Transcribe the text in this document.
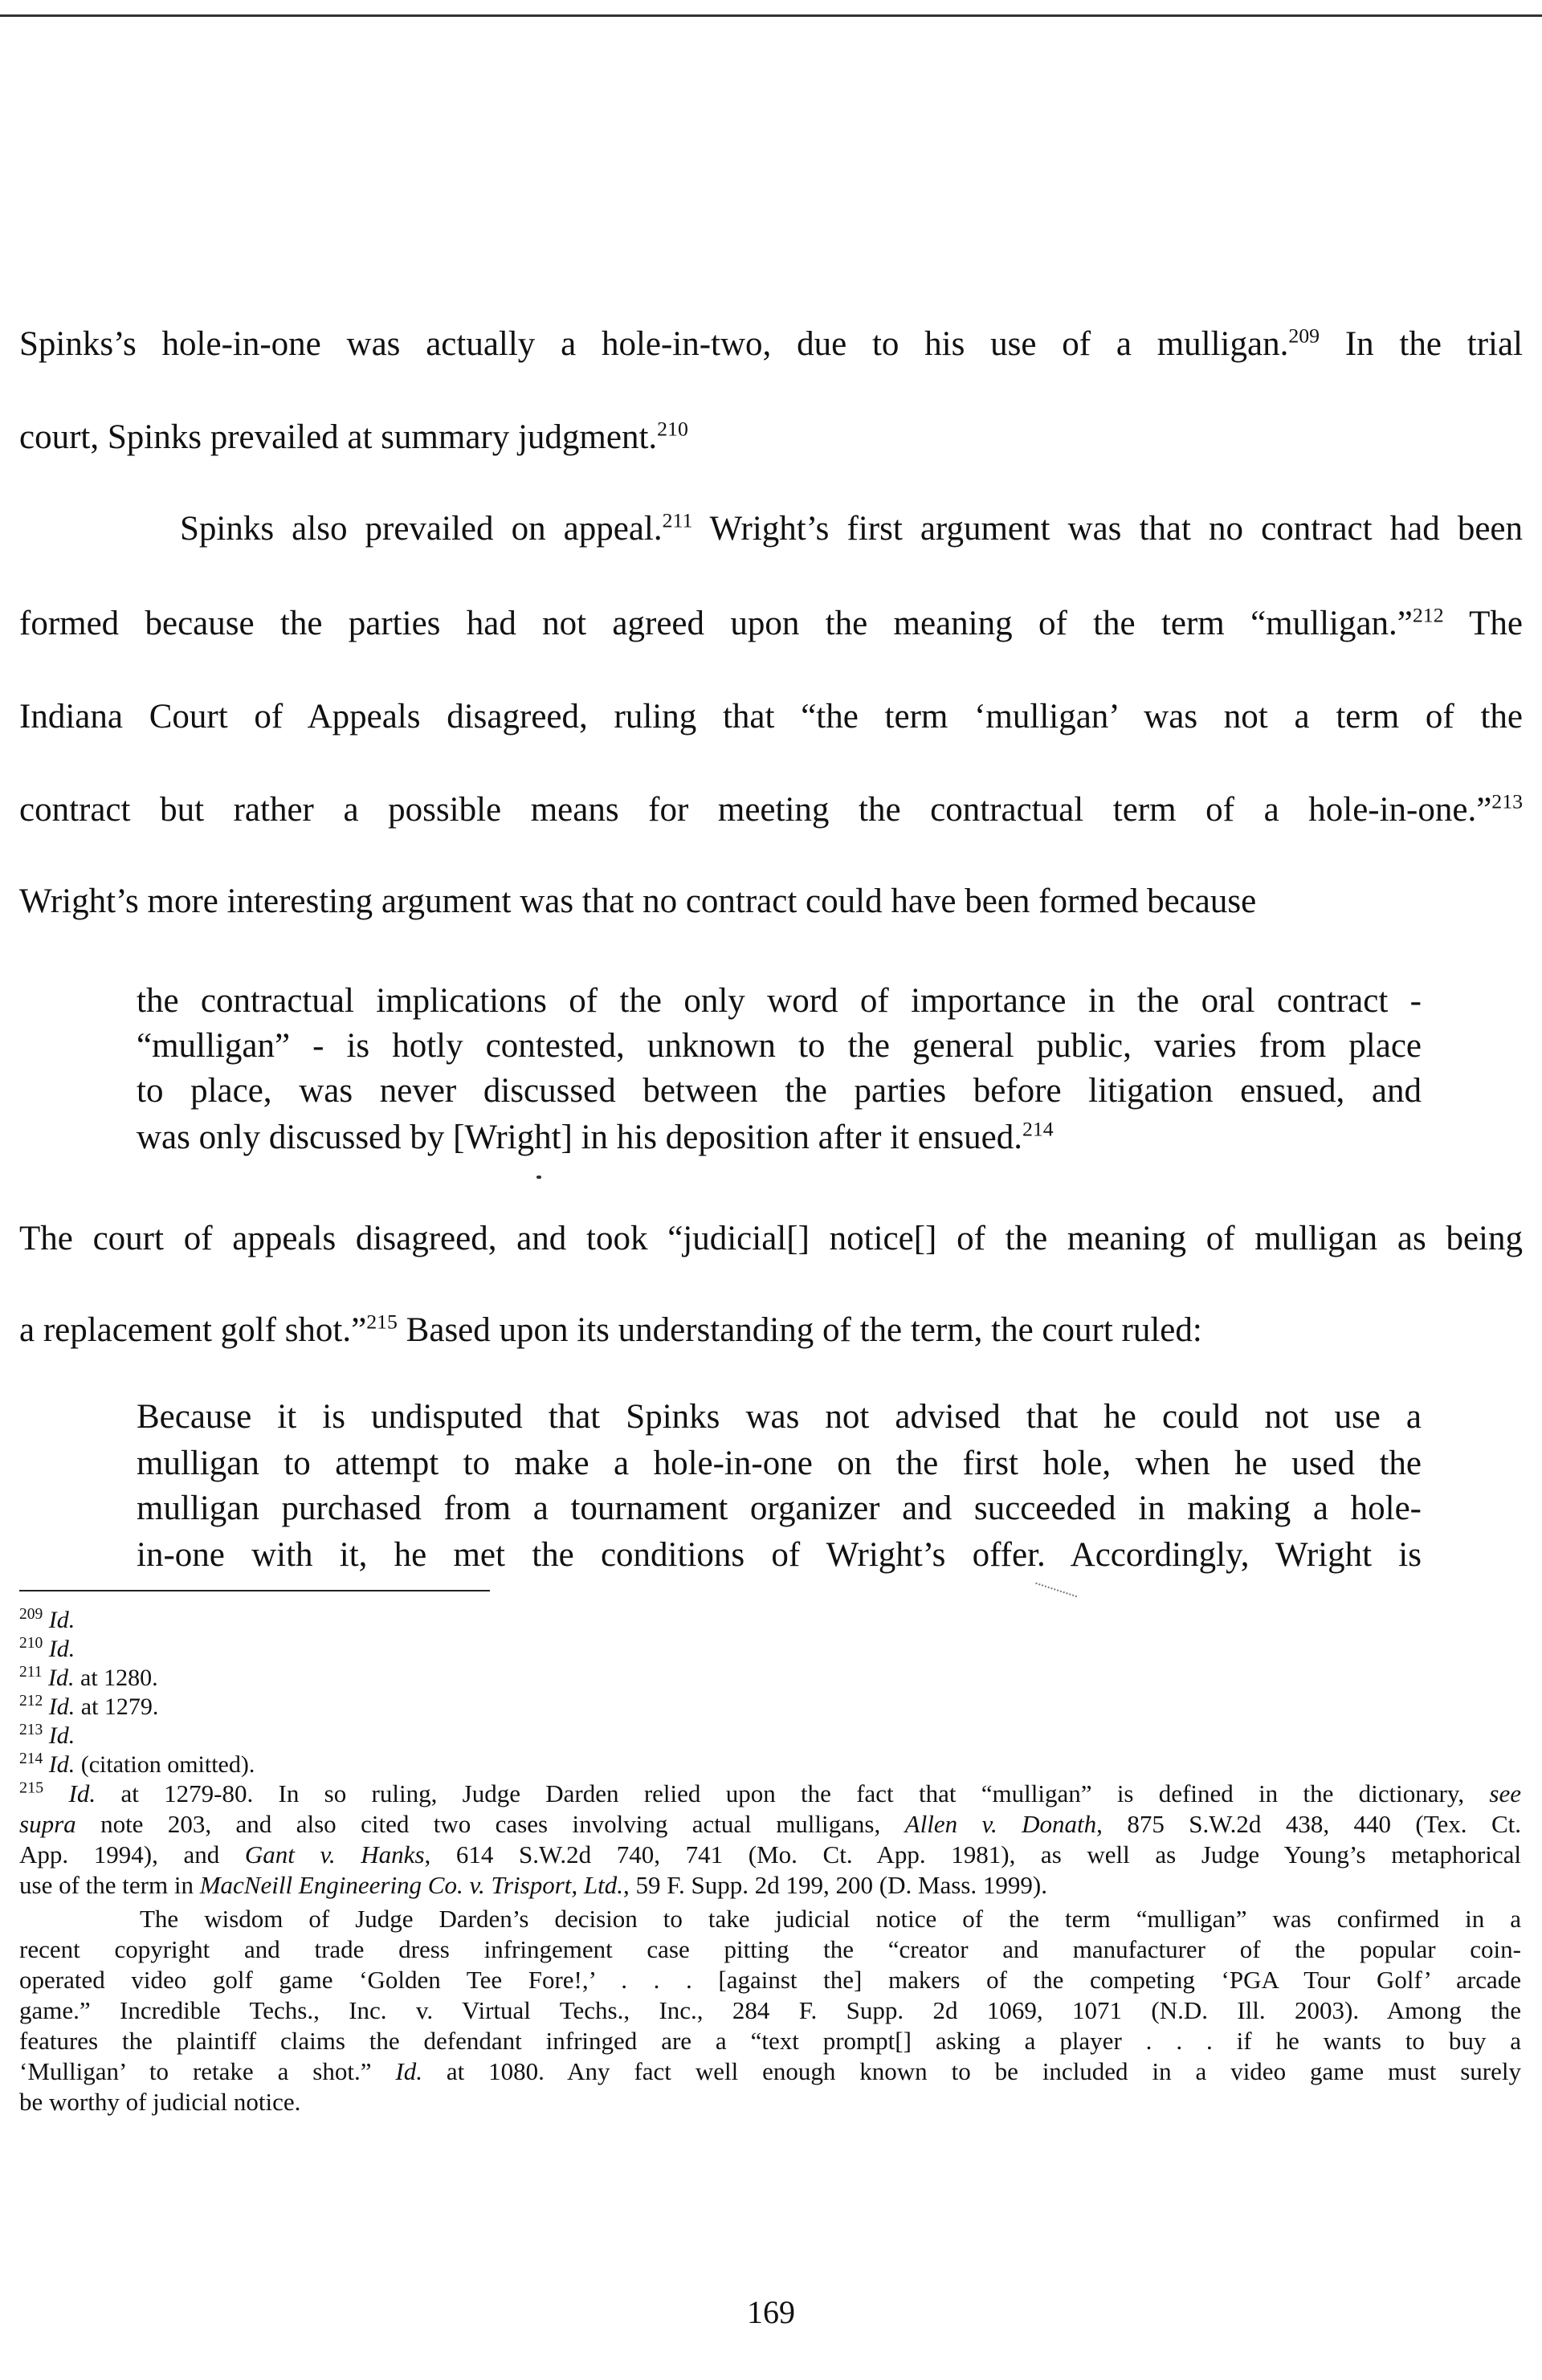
Spinks’s hole-in-one was actually a hole-in-two, due to his use of a mulligan.$^{209}$ In the trial
court, Spinks prevailed at summary judgment.$^{210}$
Spinks also prevailed on appeal.$^{211}$ Wright’s first argument was that no contract had been
formed because the parties had not agreed upon the meaning of the term “mulligan.”$^{212}$ The
Indiana Court of Appeals disagreed, ruling that “the term ‘mulligan’ was not a term of the
contract but rather a possible means for meeting the contractual term of a hole-in-one.”$^{213}$
Wright’s more interesting argument was that no contract could have been formed because
the contractual implications of the only word of importance in the oral contract -
“mulligan” - is hotly contested, unknown to the general public, varies from place
to place, was never discussed between the parties before litigation ensued, and
was only discussed by [Wright] in his deposition after it ensued.$^{214}$
The court of appeals disagreed, and took “judicial[] notice[] of the meaning of mulligan as being
a replacement golf shot.”$^{215}$ Based upon its understanding of the term, the court ruled:
Because it is undisputed that Spinks was not advised that he could not use a
mulligan to attempt to make a hole-in-one on the first hole, when he used the
mulligan purchased from a tournament organizer and succeeded in making a hole-
in-one with it, he met the conditions of Wright’s offer. Accordingly, Wright is
$^{209}$ Id.
$^{210}$ Id.
$^{211}$ Id. at 1280.
$^{212}$ Id. at 1279.
$^{213}$ Id.
$^{214}$ Id. (citation omitted).
$^{215}$ Id. at 1279-80. In so ruling, Judge Darden relied upon the fact that “mulligan” is defined in the dictionary, see
supra note 203, and also cited two cases involving actual mulligans, Allen v. Donath, 875 S.W.2d 438, 440 (Tex. Ct.
App. 1994), and Gant v. Hanks, 614 S.W.2d 740, 741 (Mo. Ct. App. 1981), as well as Judge Young’s metaphorical
use of the term in MacNeill Engineering Co. v. Trisport, Ltd., 59 F. Supp. 2d 199, 200 (D. Mass. 1999).
The wisdom of Judge Darden’s decision to take judicial notice of the term “mulligan” was confirmed in a
recent copyright and trade dress infringement case pitting the “creator and manufacturer of the popular coin-
operated video golf game ‘Golden Tee Fore!,’ . . . [against the] makers of the competing ‘PGA Tour Golf’ arcade
game.” Incredible Techs., Inc. v. Virtual Techs., Inc., 284 F. Supp. 2d 1069, 1071 (N.D. Ill. 2003). Among the
features the plaintiff claims the defendant infringed are a “text prompt[] asking a player . . . if he wants to buy a
‘Mulligan’ to retake a shot.” Id. at 1080. Any fact well enough known to be included in a video game must surely
be worthy of judicial notice.
169
